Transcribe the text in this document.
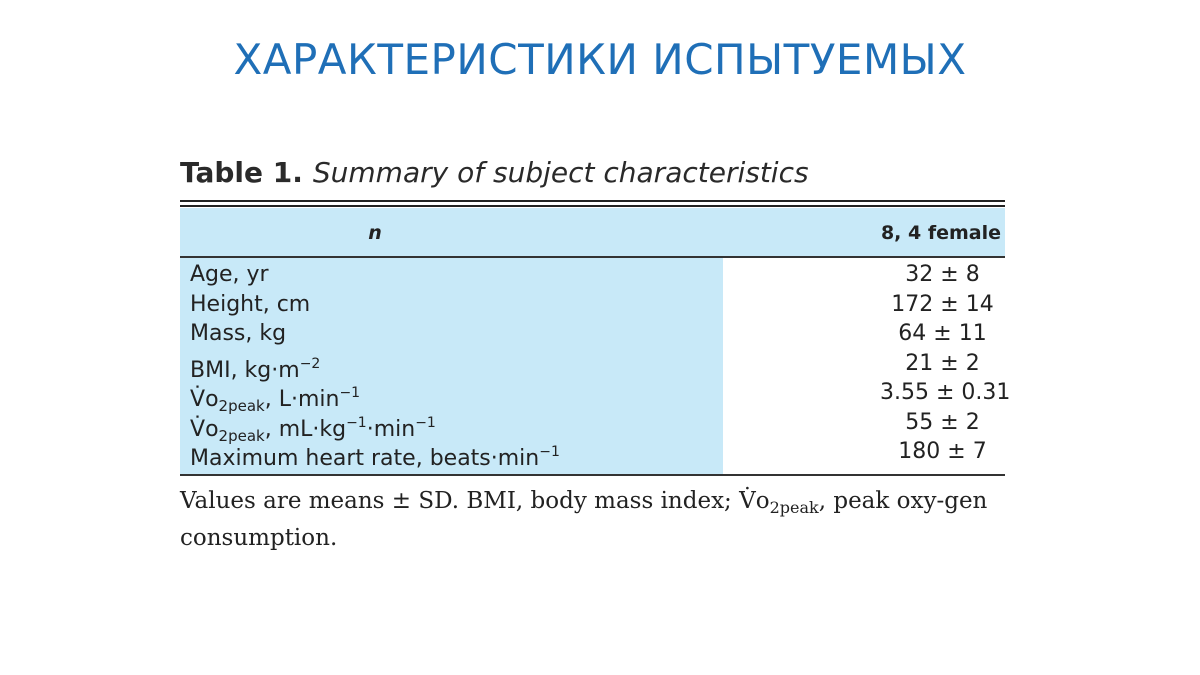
ХАРАКТЕРИСТИКИ ИСПЫТУЕМЫХ
Table 1. Summary of subject characteristics
n	8, 4 female
Age, yr	32 ± 8
Height, cm	172 ± 14
Mass, kg	64 ± 11
BMI, $kg\cdot m^{-2}$	21 ± 2
$V̇o_{2peak}$, $L\cdot\min^{-1}$	3.55 ± 0.31
$V̇o_{2peak}$, $mL\cdot kg^{-1}\cdot\min^{-1}$	55 ± 2
Maximum heart rate, $beats\cdot\min^{-1}$	180 ± 7
Values are means ± SD. BMI, body mass index; $V̇o_{2peak}$, peak oxy-gen consumption.
